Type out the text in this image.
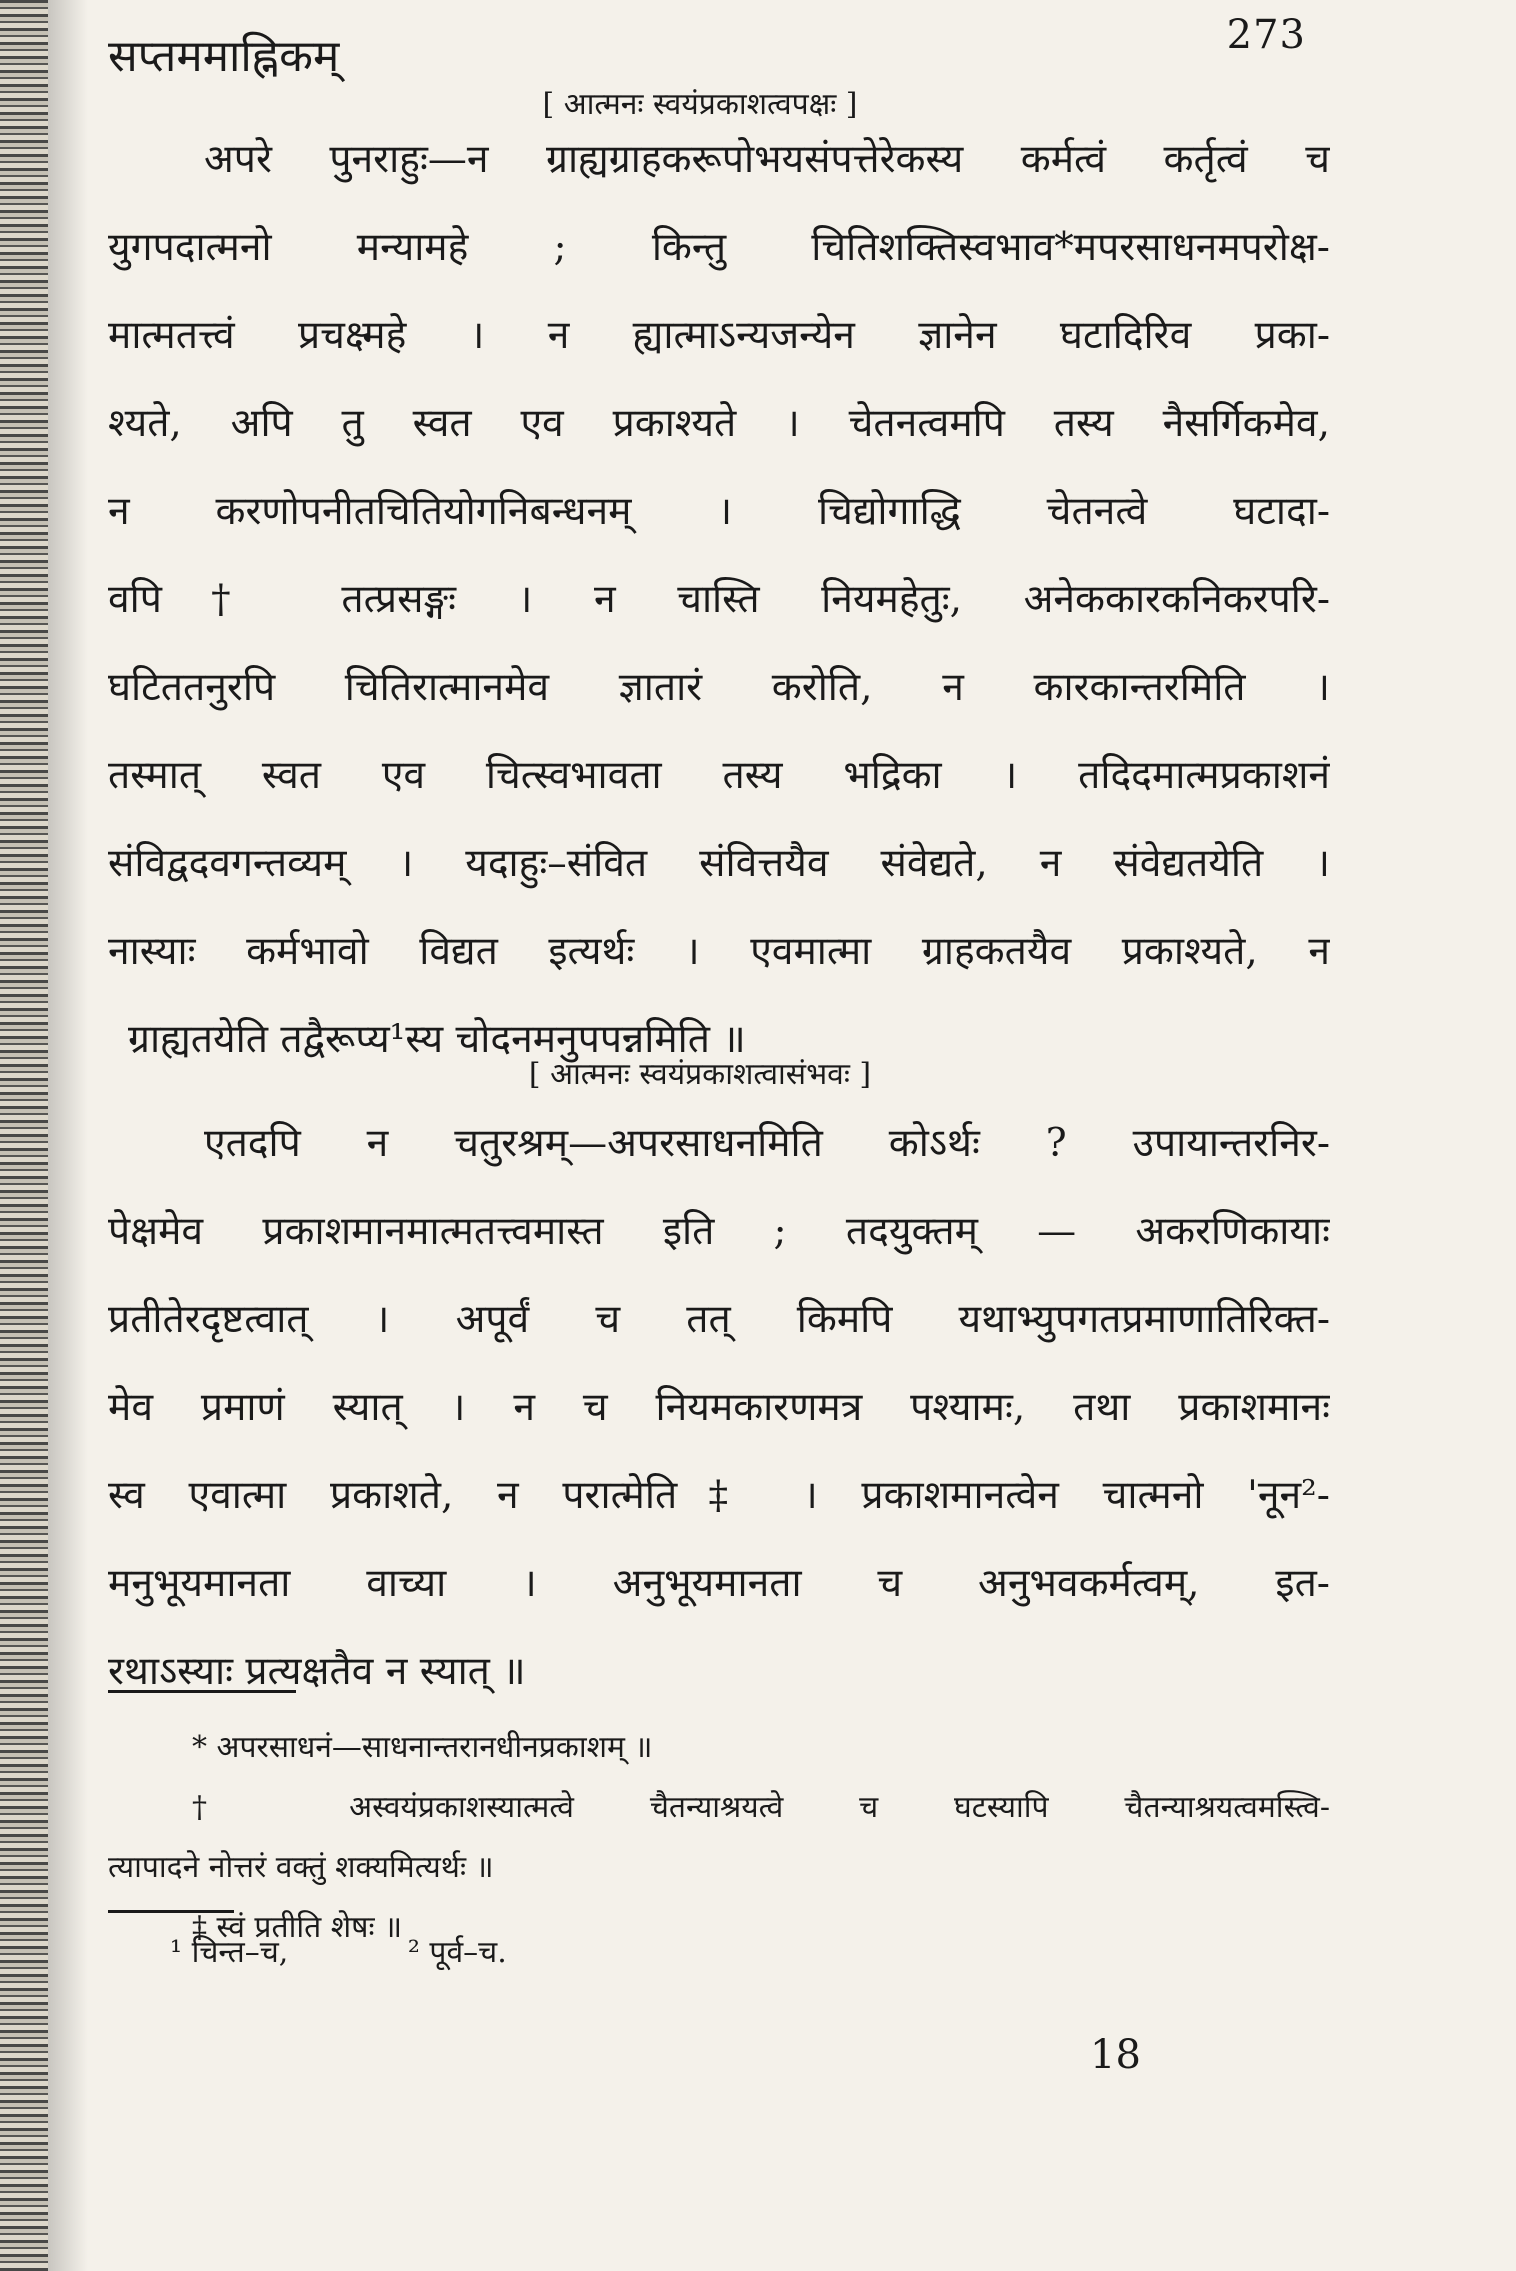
सप्तममाह्निकम्	273
[ आत्मनः स्वयंप्रकाशत्वपक्षः ]
अपरे पुनराहुः—न ग्राह्यग्राहकरूपोभयसंपत्तेरेकस्य कर्मत्वं कर्तृत्वं च
युगपदात्मनो मन्यामहे ; किन्तु चितिशक्तिस्वभाव*मपरसाधनमपरोक्ष-
मात्मतत्त्वं प्रचक्ष्महे । न ह्यात्माऽन्यजन्येन ज्ञानेन घटादिरिव प्रका-
श्यते, अपि तु स्वत एव प्रकाश्यते । चेतनत्वमपि तस्य नैसर्गिकमेव,
न करणोपनीतचितियोगनिबन्धनम् । चिद्योगाद्धि चेतनत्वे घटादा-
वपि† तत्प्रसङ्गः । न चास्ति नियमहेतुः, अनेककारकनिकरपरि-
घटिततनुरपि चितिरात्मानमेव ज्ञातारं करोति, न कारकान्तरमिति ।
तस्मात् स्वत एव चित्स्वभावता तस्य भद्रिका । तदिदमात्मप्रकाशनं
संविद्वदवगन्तव्यम् । यदाहुः–संवित संवित्तयैव संवेद्यते, न संवेद्यतयेति ।
नास्याः कर्मभावो विद्यत इत्यर्थः । एवमात्मा ग्राहकतयैव प्रकाश्यते, न
ग्राह्यतयेति तद्वैरूप्य¹स्य चोदनमनुपपन्नमिति ॥
[ आत्मनः स्वयंप्रकाशत्वासंभवः ]
एतदपि न चतुरश्रम्—अपरसाधनमिति कोऽर्थः ? उपायान्तरनिर-
पेक्षमेव प्रकाशमानमात्मतत्त्वमास्त इति ; तदयुक्तम् — अकरणिकायाः
प्रतीतेरदृष्टत्वात् । अपूर्वं च तत् किमपि यथाभ्युपगतप्रमाणातिरिक्त-
मेव प्रमाणं स्यात् । न च नियमकारणमत्र पश्यामः, तथा प्रकाशमानः
स्व एवात्मा प्रकाशते, न परात्मेति‡ । प्रकाशमानत्वेन चात्मनो 'नून²-
मनुभूयमानता वाच्या । अनुभूयमानता च अनुभवकर्मत्वम्, इत-
रथाऽस्याः प्रत्यक्षतैव न स्यात् ॥
* अपरसाधनं—साधनान्तरानधीनप्रकाशम् ॥
† अस्वयंप्रकाशस्यात्मत्वे चैतन्याश्रयत्वे च घटस्यापि चैतन्याश्रयत्वमस्त्वि-
त्यापादने नोत्तरं वक्तुं शक्यमित्यर्थः ॥
‡ स्वं प्रतीति शेषः ॥
¹ चिन्त–च,	² पूर्व–च.
18
